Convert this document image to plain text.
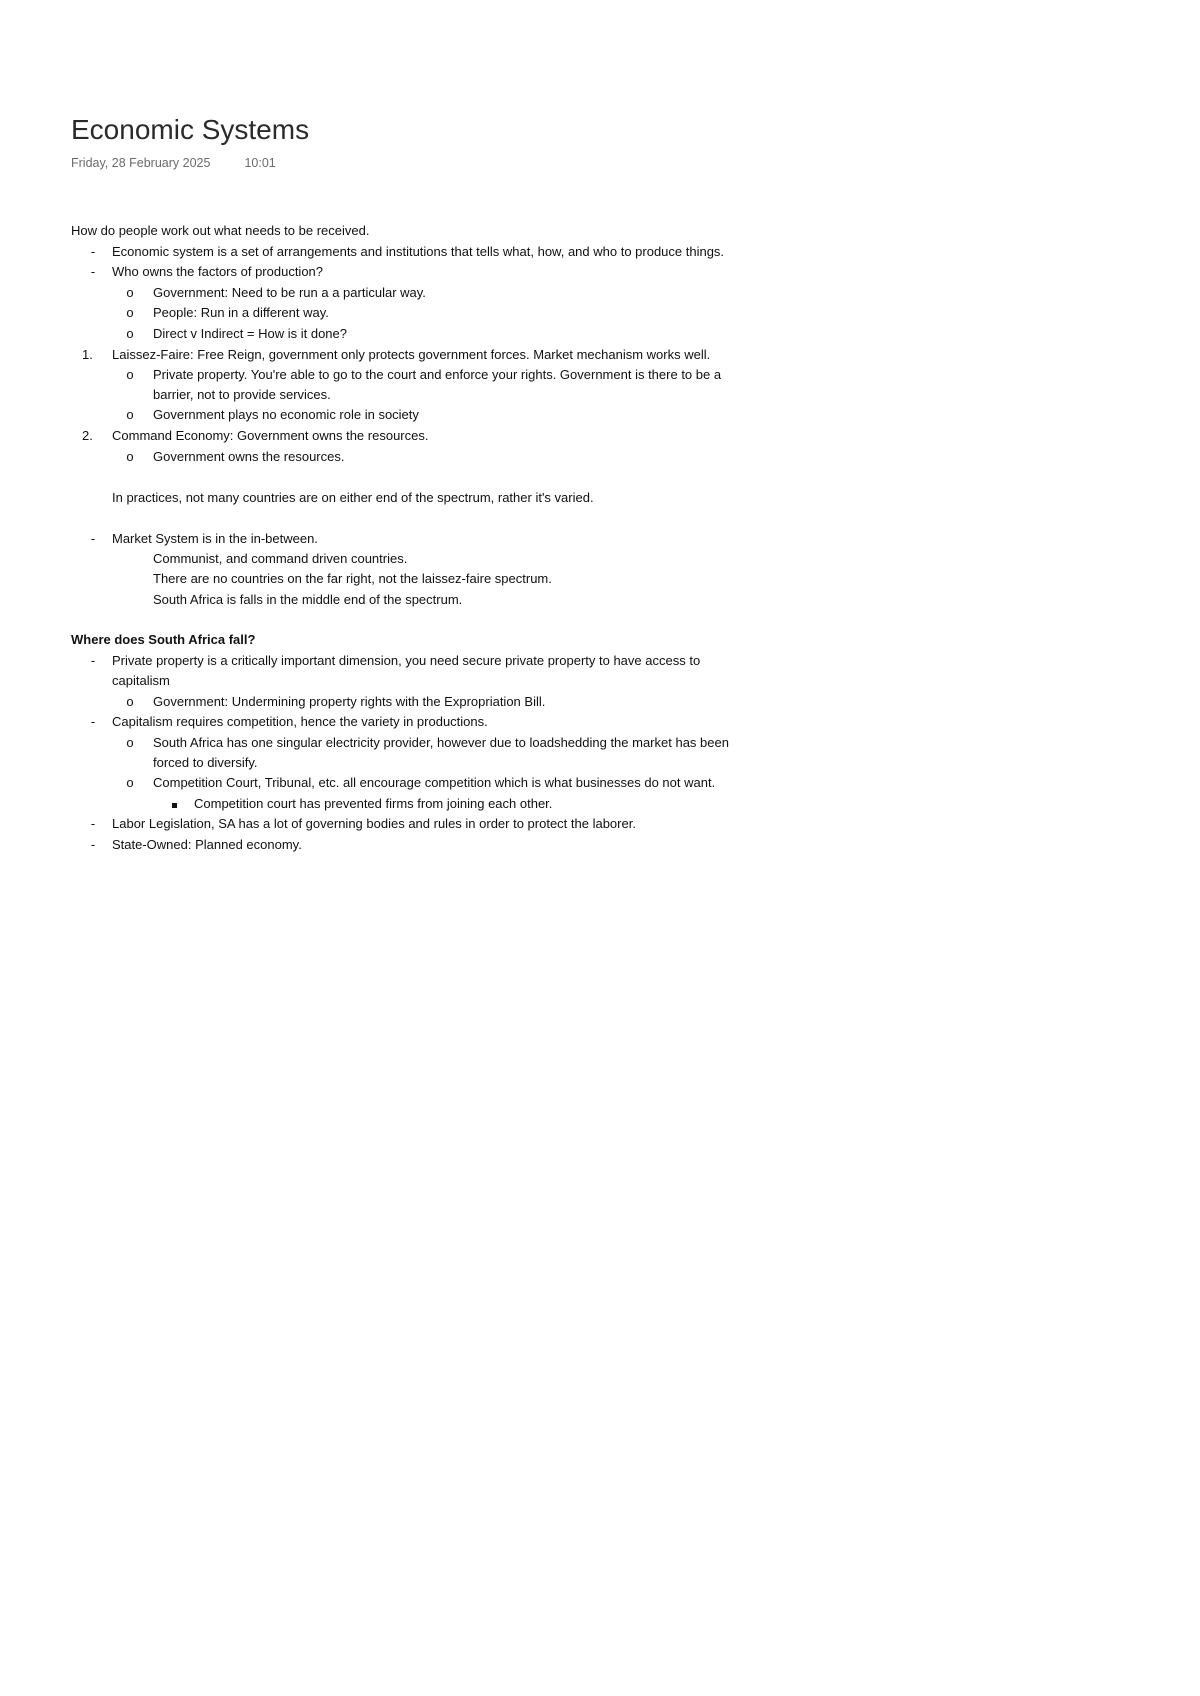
Economic Systems
Friday, 28 February 2025	10:01
How do people work out what needs to be received.
-	Economic system is a set of arrangements and institutions that tells what, how, and who to produce things.
-	Who owns the factors of production?
o	Government: Need to be run a a particular way.
o	People: Run in a different way.
o	Direct v Indirect = How is it done?
1. Laissez-Faire: Free Reign, government only protects government forces. Market mechanism works well.
o	Private property. You're able to go to the court and enforce your rights. Government is there to be a
barrier, not to provide services.
o	Government plays no economic role in society
2. Command Economy: Government owns the resources.
o	Government owns the resources.
In practices, not many countries are on either end of the spectrum, rather it's varied.
-	Market System is in the in-between.
Communist, and command driven countries.
There are no countries on the far right, not the laissez-faire spectrum.
South Africa is falls in the middle end of the spectrum.
Where does South Africa fall?
-	Private property is a critically important dimension, you need secure private property to have access to
capitalism
o	Government: Undermining property rights with the Expropriation Bill.
-	Capitalism requires competition, hence the variety in productions.
o	South Africa has one singular electricity provider, however due to loadshedding the market has been
forced to diversify.
o	Competition Court, Tribunal, etc. all encourage competition which is what businesses do not want.
Competition court has prevented firms from joining each other.
-	Labor Legislation, SA has a lot of governing bodies and rules in order to protect the laborer.
-	State-Owned: Planned economy.
